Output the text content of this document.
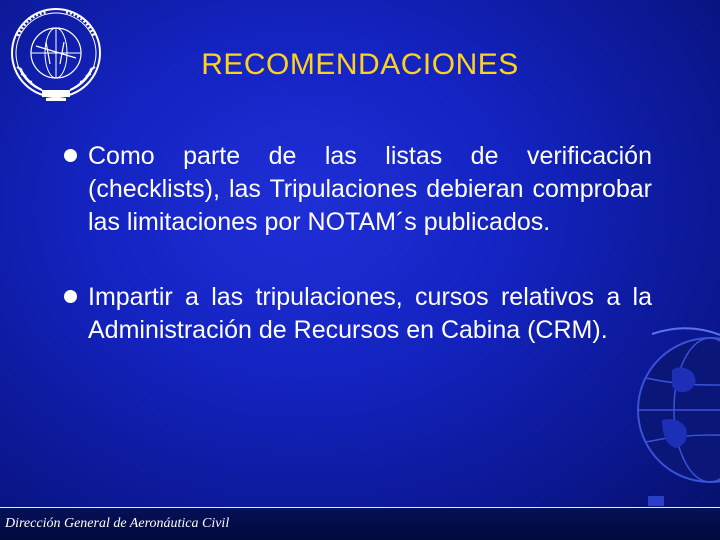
RECOMENDACIONES
Como parte de las listas de verificación (checklists), las Tripulaciones debieran comprobar las limitaciones por NOTAM´s publicados.
Impartir a las tripulaciones, cursos relativos a la Administración de Recursos en Cabina (CRM).
Dirección General de Aeronáutica Civil
